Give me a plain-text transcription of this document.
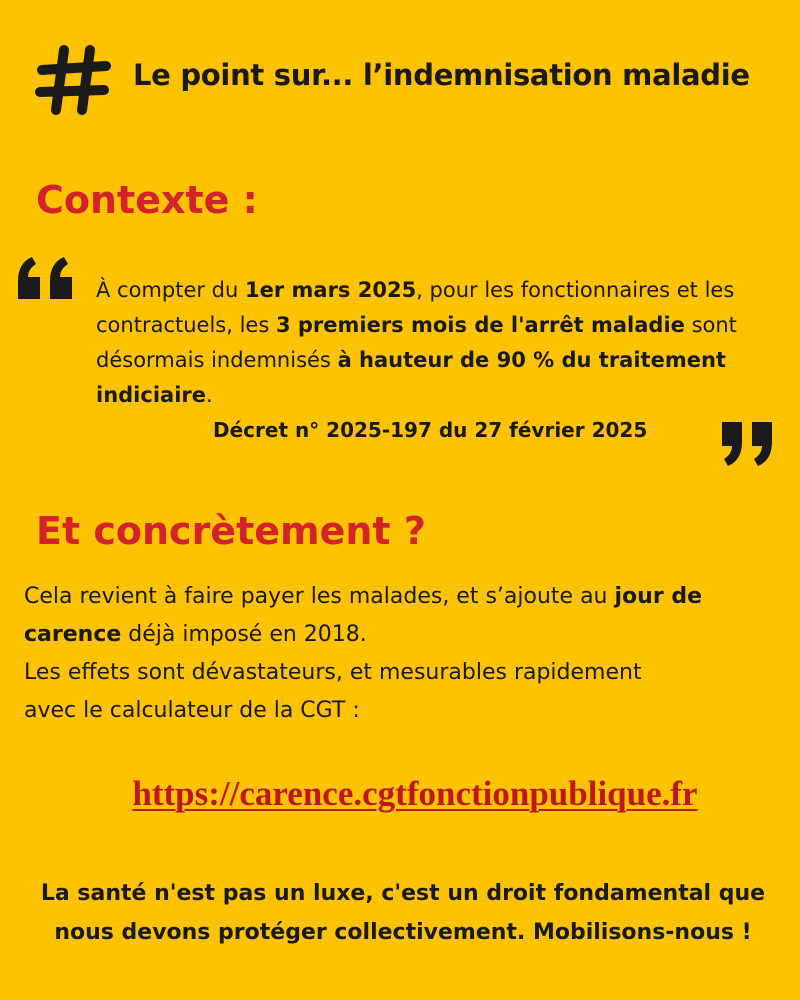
Le point sur... l’indemnisation maladie
Contexte :
À compter du 1er mars 2025, pour les fonctionnaires et les contractuels, les 3 premiers mois de l'arrêt maladie sont désormais indemnisés à hauteur de 90 % du traitement indiciaire.
Décret n° 2025-197 du 27 février 2025
Et concrètement ?
Cela revient à faire payer les malades, et s’ajoute au jour de
carence déjà imposé en 2018.
Les effets sont dévastateurs, et mesurables rapidement
avec le calculateur de la CGT :
https://carence.cgtfonctionpublique.fr
La santé n'est pas un luxe, c'est un droit fondamental que
nous devons protéger collectivement. Mobilisons-nous !
